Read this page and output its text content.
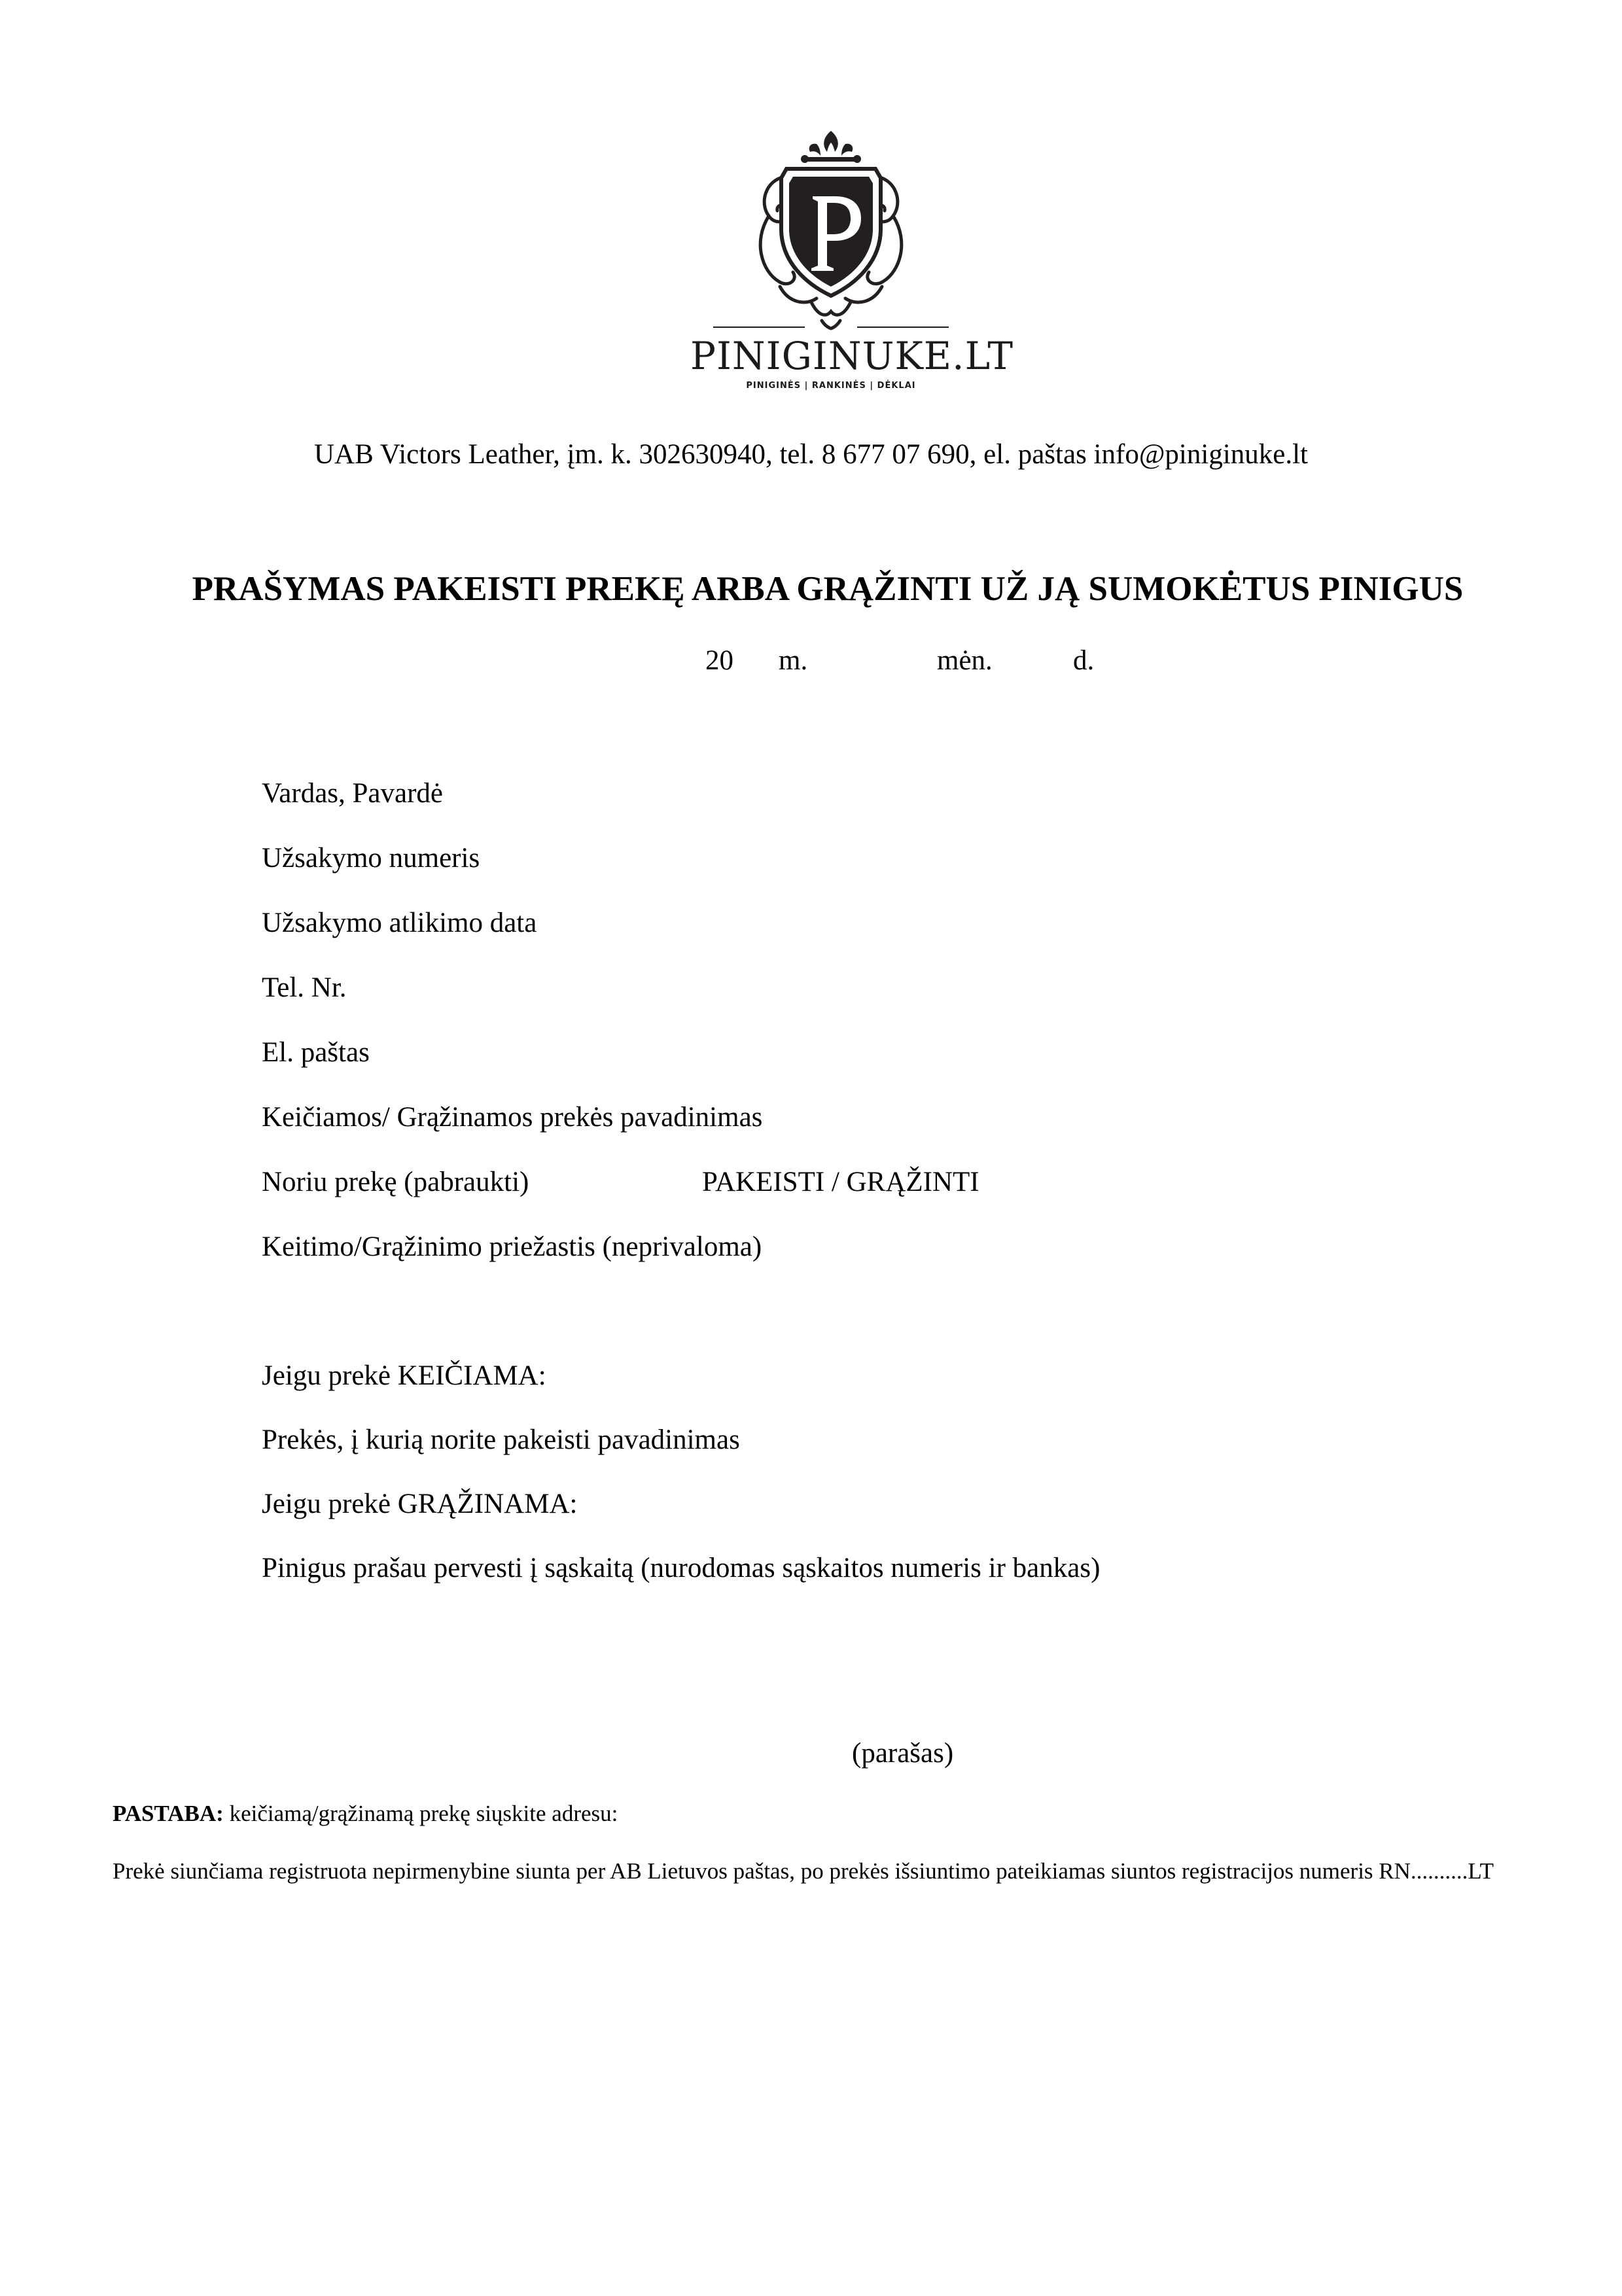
PINIGINUKE.LT
PINIGINĖS | RANKINĖS | DĖKLAI
UAB Victors Leather, įm. k. 302630940, tel. 8 677 07 690, el. paštas info@piniginuke.lt
PRAŠYMAS PAKEISTI PREKĘ ARBA GRĄŽINTI UŽ JĄ SUMOKĖTUS PINIGUS
20 m.	mėn.	d.
Vardas, Pavardė
Užsakymo numeris
Užsakymo atlikimo data
Tel. Nr.
El. paštas
Keičiamos/ Grąžinamos prekės pavadinimas
Noriu prekę (pabraukti)	PAKEISTI / GRĄŽINTI
Keitimo/Grąžinimo priežastis (neprivaloma)
Jeigu prekė KEIČIAMA:
Prekės, į kurią norite pakeisti pavadinimas
Jeigu prekė GRĄŽINAMA:
Pinigus prašau pervesti į sąskaitą (nurodomas sąskaitos numeris ir bankas)
(parašas)
PASTABA: keičiamą/grąžinamą prekę siųskite adresu:
Prekė siunčiama registruota nepirmenybine siunta per AB Lietuvos paštas, po prekės išsiuntimo pateikiamas siuntos registracijos numeris RN..........LT
